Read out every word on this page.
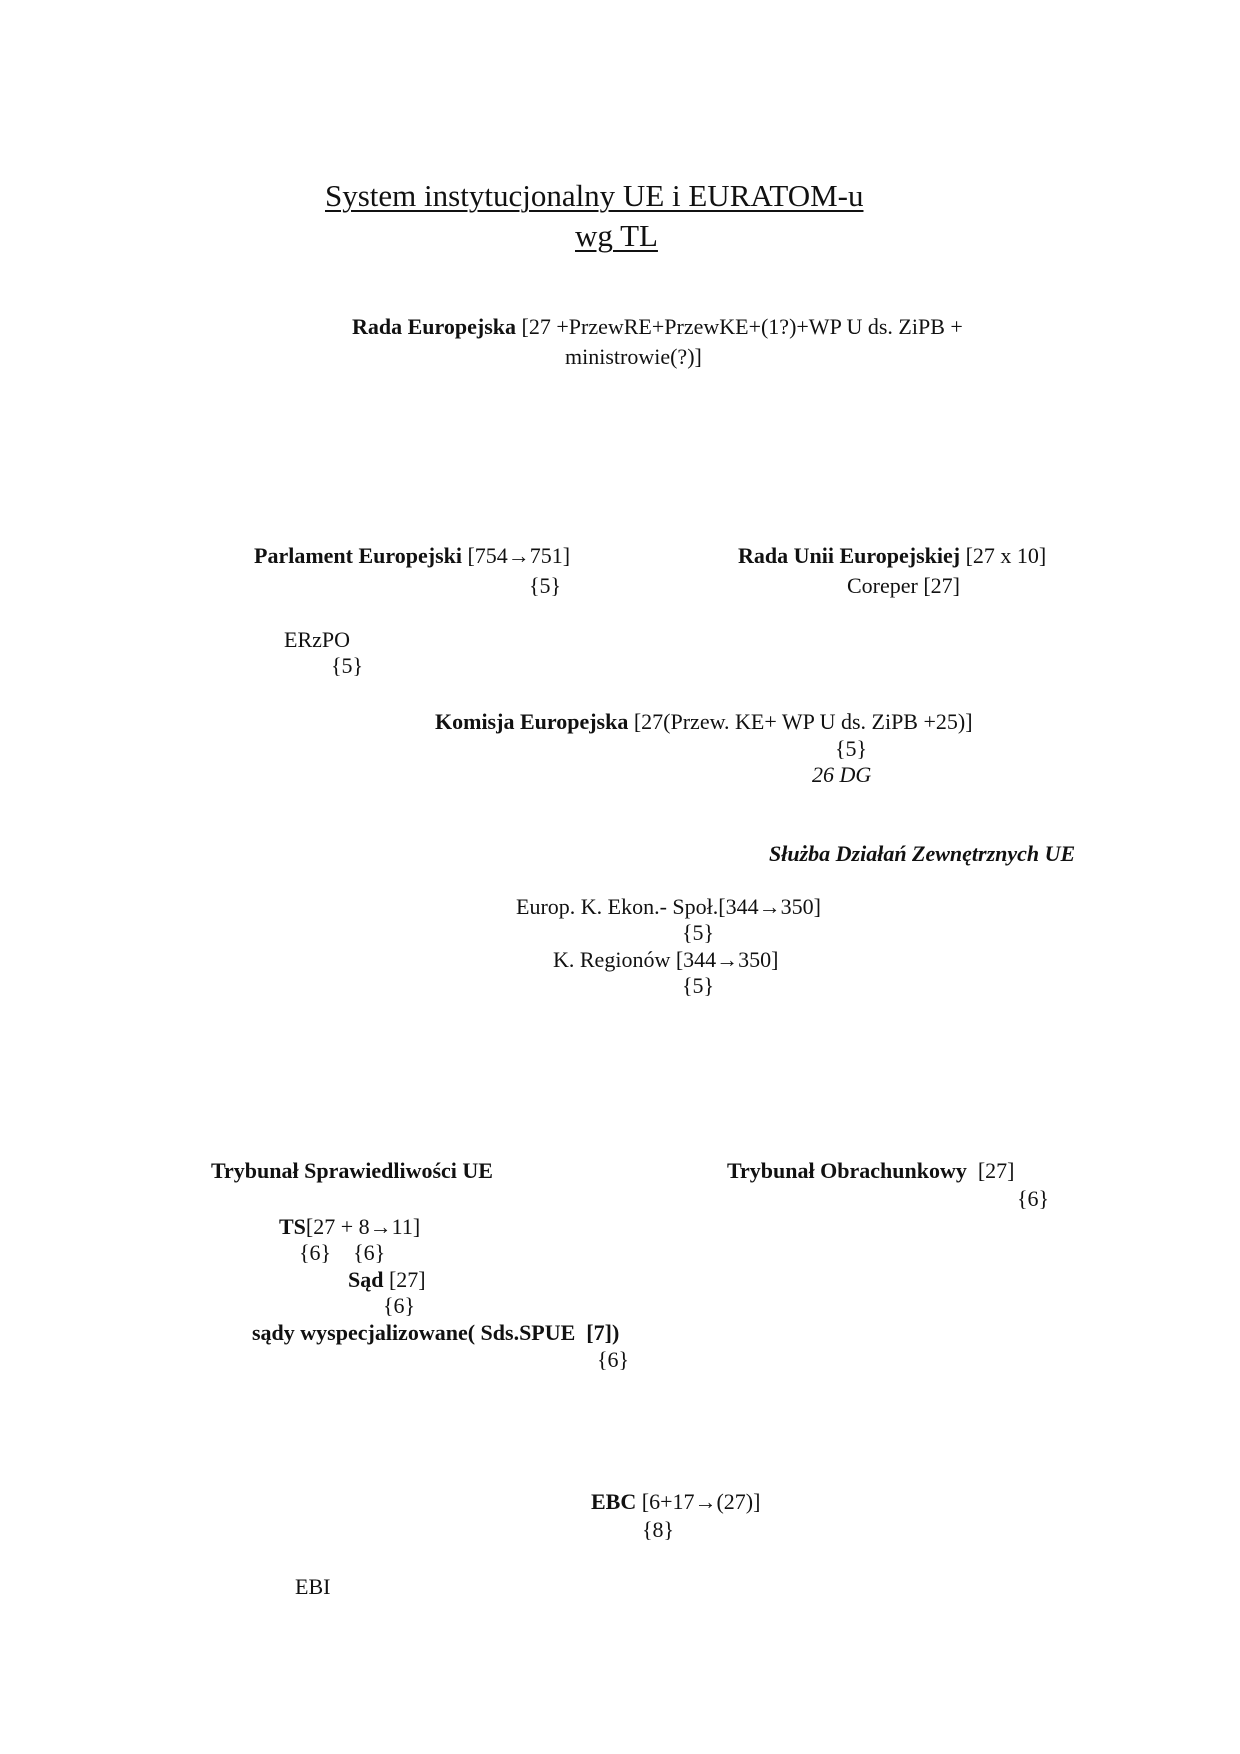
System instytucjonalny UE i EURATOM-u
wg TL
Rada Europejska [27 +PrzewRE+PrzewKE+(1?)+WP U ds. ZiPB +
ministrowie(?)]
Parlament Europejski [754→751]
{5}
Rada Unii Europejskiej [27 x 10]
Coreper [27]
ERzPO
{5}
Komisja Europejska [27(Przew. KE+ WP U ds. ZiPB +25)]
{5}
26 DG
Służba Działań Zewnętrznych UE
Europ. K. Ekon.- Społ.[344→350]
{5}
K. Regionów [344→350]
{5}
Trybunał Sprawiedliwości UE	Trybunał Obrachunkowy  [27]
{6}
TS[27 + 8→11]
{6}    {6}
Sąd [27]
{6}
sądy wyspecjalizowane( Sds.SPUE  [7])
{6}
EBC [6+17→(27)]
{8}
EBI
